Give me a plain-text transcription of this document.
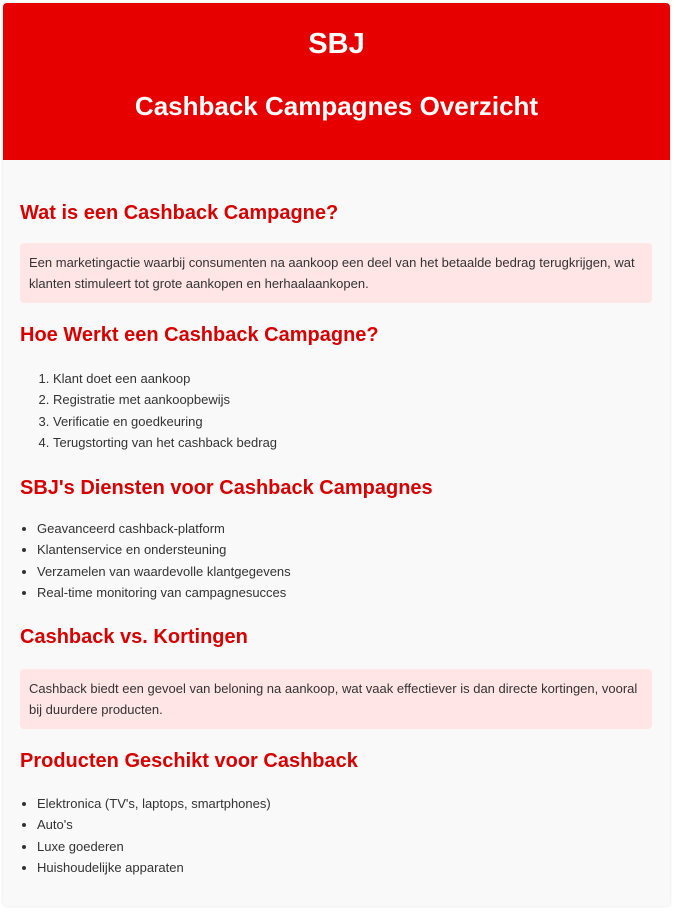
SBJ
Cashback Campagnes Overzicht
Wat is een Cashback Campagne?
Een marketingactie waarbij consumenten na aankoop een deel van het betaalde bedrag terugkrijgen, wat klanten stimuleert tot grote aankopen en herhaalaankopen.
Hoe Werkt een Cashback Campagne?
1. Klant doet een aankoop
2. Registratie met aankoopbewijs
3. Verificatie en goedkeuring
4. Terugstorting van het cashback bedrag
SBJ's Diensten voor Cashback Campagnes
• Geavanceerd cashback-platform
• Klantenservice en ondersteuning
• Verzamelen van waardevolle klantgegevens
• Real-time monitoring van campagnesucces
Cashback vs. Kortingen
Cashback biedt een gevoel van beloning na aankoop, wat vaak effectiever is dan directe kortingen, vooral bij duurdere producten.
Producten Geschikt voor Cashback
• Elektronica (TV's, laptops, smartphones)
• Auto's
• Luxe goederen
• Huishoudelijke apparaten
